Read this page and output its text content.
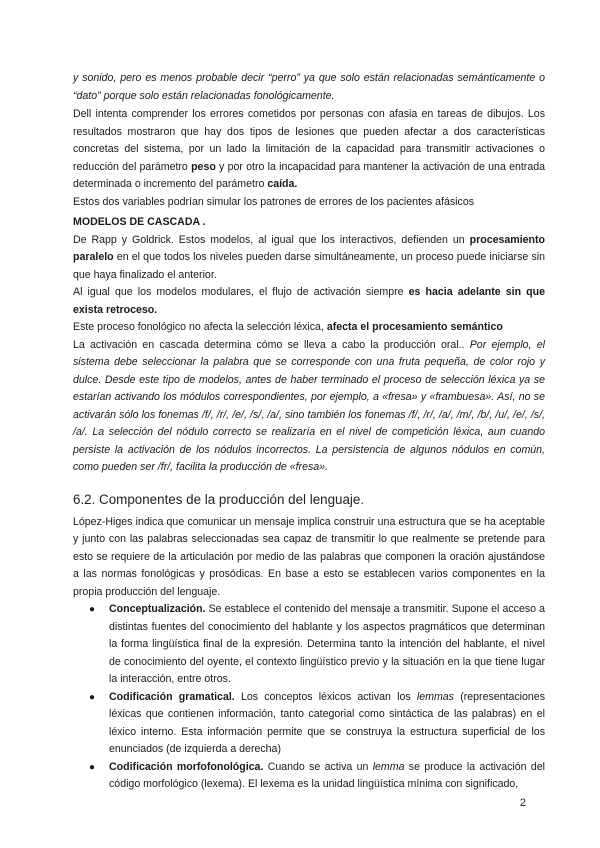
y sonido, pero es menos probable decir “perro” ya que solo están relacionadas semánticamente o “dato” porque solo están relacionadas fonológicamente.

Dell intenta comprender los errores cometidos por personas con afasia en tareas de dibujos. Los resultados mostraron que hay dos tipos de lesiones que pueden afectar a dos características concretas del sistema, por un lado la limitación de la capacidad para transmitir activaciones o reducción del parámetro peso y por otro la incapacidad para mantener la activación de una entrada determinada o incremento del parámetro caída.

Estos dos variables podrían simular los patrones de errores de los pacientes afásicos

MODELOS DE CASCADA .

De Rapp y Goldrick. Estos modelos, al igual que los interactivos, defienden un procesamiento paralelo en el que todos los niveles pueden darse simultáneamente, un proceso puede iniciarse sin que haya finalizado el anterior.

Al igual que los modelos modulares, el flujo de activación siempre es hacia adelante sin que exista retroceso.

Este proceso fonológico no afecta la selección léxica, afecta el procesamiento semántico

La activación en cascada determina cómo se lleva a cabo la producción oral.. Por ejemplo, el sistema debe seleccionar la palabra que se corresponde con una fruta pequeña, de color rojo y dulce. Desde este tipo de modelos, antes de haber terminado el proceso de selección léxica ya se estarían activando los módulos correspondientes, por ejemplo, a «fresa» y «frambuesa». Así, no se activarán sólo los fonemas /f/, /r/, /e/, /s/, /a/, sino también los fonemas /f/, /r/, /a/, /m/, /b/, /u/, /e/, /s/, /a/. La selección del nódulo correcto se realizaría en el nivel de competición léxica, aun cuando persiste la activación de los nódulos incorrectos. La persistencia de algunos nódulos en común, como pueden ser /fr/, facilita la producción de «fresa».

6.2. Componentes de la producción del lenguaje.

López-Higes indica que comunicar un mensaje implica construir una estructura que se ha aceptable y junto con las palabras seleccionadas sea capaz de transmitir lo que realmente se pretende para esto se requiere de la articulación por medio de las palabras que componen la oración ajustándose a las normas fonológicas y prosódicas. En base a esto se establecen varios componentes en la propia producción del lenguaje.

● Conceptualización. Se establece el contenido del mensaje a transmitir. Supone el acceso a distintas fuentes del conocimiento del hablante y los aspectos pragmáticos que determinan la forma lingüística final de la expresión. Determina tanto la intención del hablante, el nivel de conocimiento del oyente, el contexto lingüístico previo y la situación en la que tiene lugar la interacción, entre otros.
● Codificación gramatical. Los conceptos léxicos activan los lemmas (representaciones léxicas que contienen información, tanto categorial como sintáctica de las palabras) en el léxico interno. Esta información permite que se construya la estructura superficial de los enunciados (de izquierda a derecha)
● Codificación morfofonológica. Cuando se activa un lemma se produce la activación del código morfológico (lexema). El lexema es la unidad lingüística mínima con significado,
2
